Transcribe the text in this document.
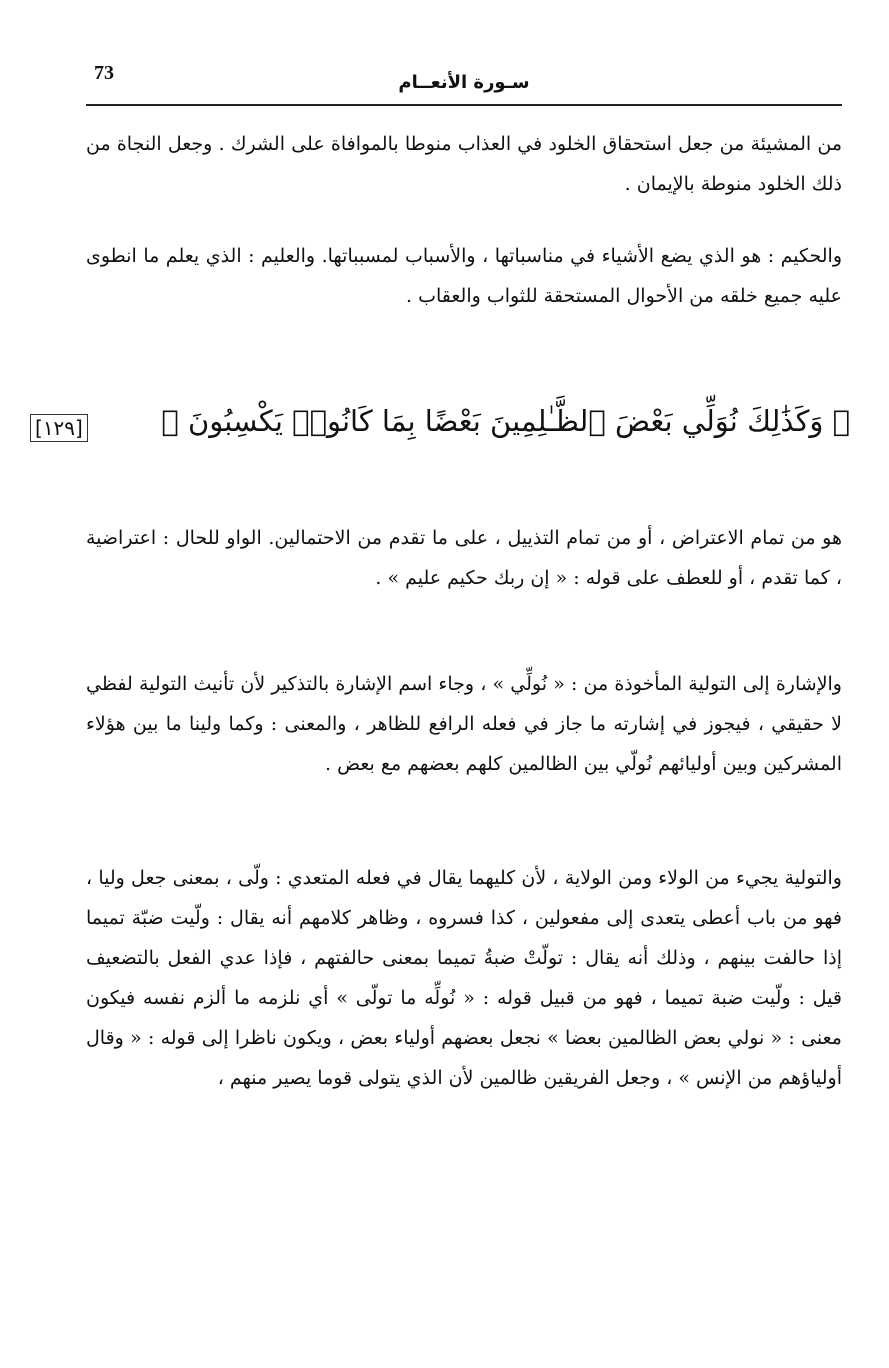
73	سـورة الأنعــام

من المشيئة من جعل استحقاق الخلود في العذاب منوطا بالموافاة على الشرك . وجعل النجاة من ذلك الخلود منوطة بالإيمان .

والحكيم : هو الذي يضع الأشياء في مناسباتها ، والأسباب لمسبباتها. والعليم : الذي يعلم ما انطوى عليه جميع خلقه من الأحوال المستحقة للثواب والعقاب .

﴿ وَكَذَٰلِكَ نُوَلِّي بَعْضَ ٱلظَّـٰلِمِينَ بَعْضًا بِمَا كَانُوا۟ يَكْسِبُونَ ﴾
[١٢٩]

هو من تمام الاعتراض ، أو من تمام التذييل ، على ما تقدم من الاحتمالين. الواو للحال : اعتراضية ، كما تقدم ، أو للعطف على قوله : « إن ربك حكيم عليم » .

والإشارة إلى التولية المأخوذة من : « نُولِّي » ، وجاء اسم الإشارة بالتذكير لأن تأنيث التولية لفظي لا حقيقي ، فيجوز في إشارته ما جاز في فعله الرافع للظاهر ، والمعنى : وكما ولينا ما بين هؤلاء المشركين وبين أوليائهم نُولّي بين الظالمين كلهم بعضهم مع بعض .

والتولية يجيء من الولاء ومن الولاية ، لأن كليهما يقال في فعله المتعدي : ولّى ، بمعنى جعل وليا ، فهو من باب أعطى يتعدى إلى مفعولين ، كذا فسروه ، وظاهر كلامهم أنه يقال : ولّيت ضبّة تميما إذا حالفت بينهم ، وذلك أنه يقال : تولّتْ ضبةُ تميما بمعنى حالفتهم ، فإذا عدي الفعل بالتضعيف قيل : ولّيت ضبة تميما ، فهو من قبيل قوله : « نُولِّه ما تولّى » أي نلزمه ما ألزم نفسه فيكون معنى : « نولي بعض الظالمين بعضا » نجعل بعضهم أولياء بعض ، ويكون ناظرا إلى قوله : « وقال أولياؤهم من الإنس » ، وجعل الفريقين ظالمين لأن الذي يتولى قوما يصير منهم ،
